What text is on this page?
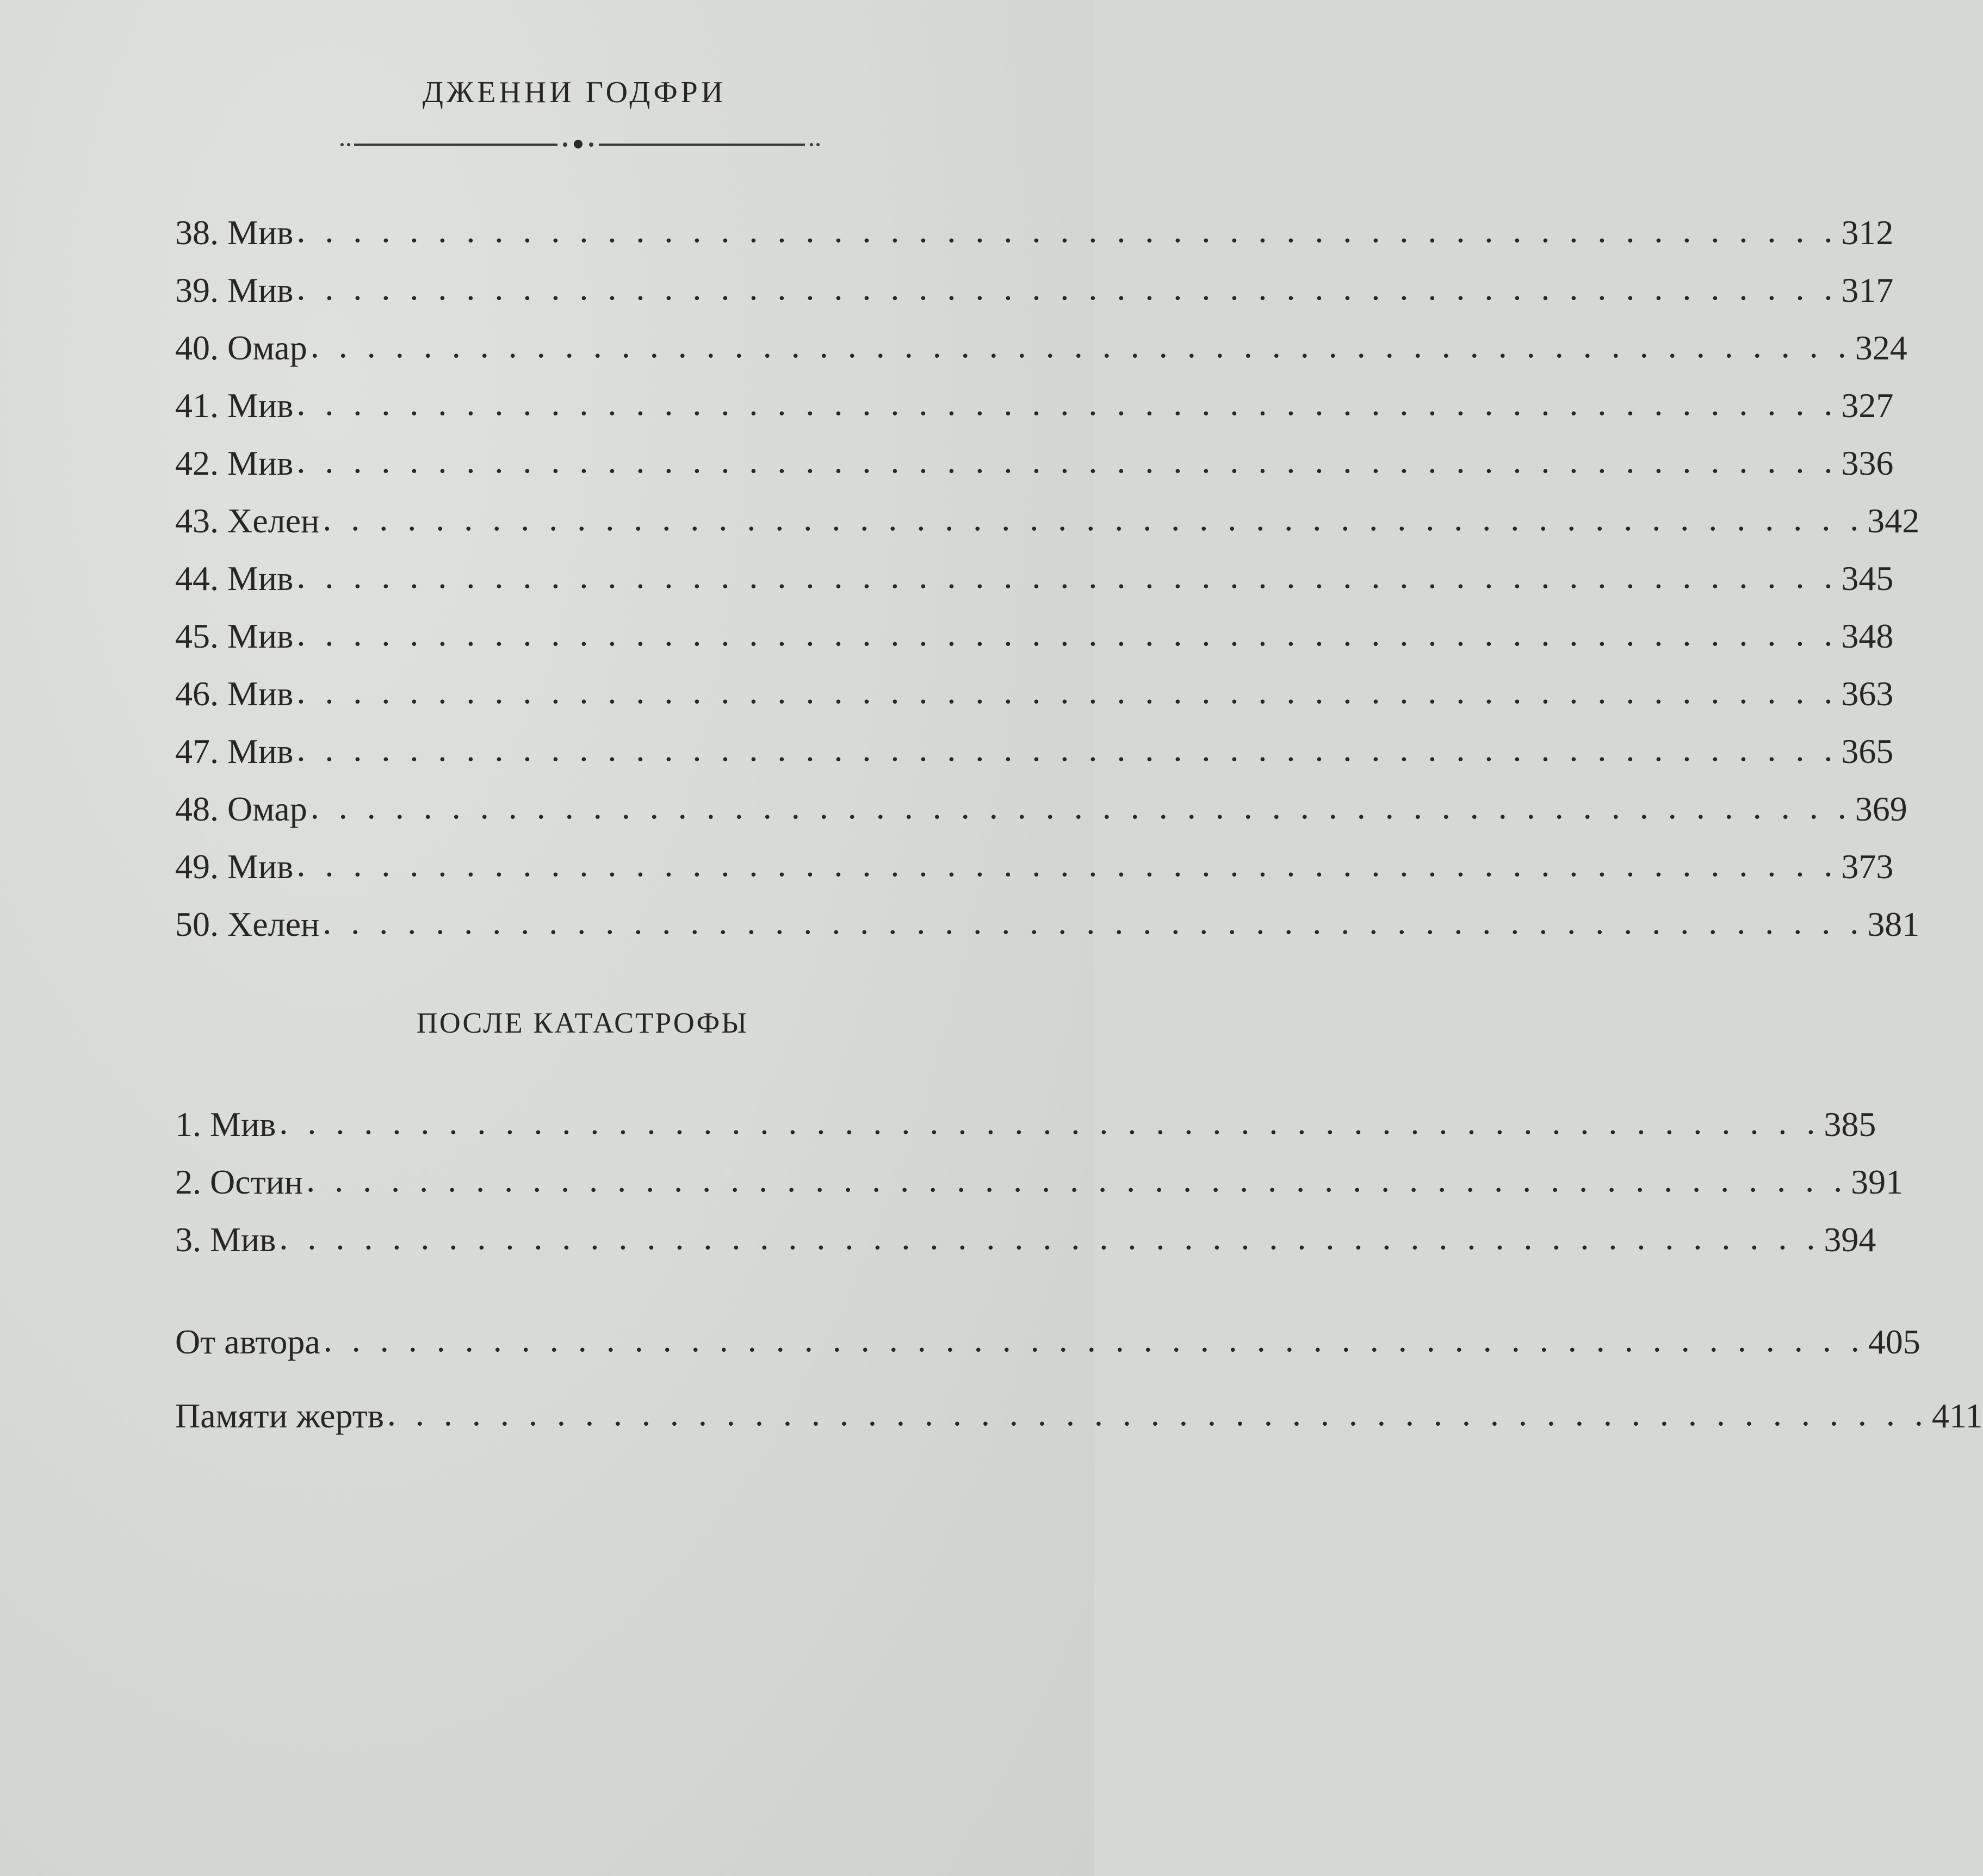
ДЖЕННИ ГОДФРИ
38. Мив . . . . . . . . . . . . . . . . . . . . . . . . . . . . . . . . . . . . . . . . . . . . . . . . . . . . . . . 312
39. Мив . . . . . . . . . . . . . . . . . . . . . . . . . . . . . . . . . . . . . . . . . . . . . . . . . . . . . . . 317
40. Омар . . . . . . . . . . . . . . . . . . . . . . . . . . . . . . . . . . . . . . . . . . . . . . . . . . . . . . . 324
41. Мив . . . . . . . . . . . . . . . . . . . . . . . . . . . . . . . . . . . . . . . . . . . . . . . . . . . . . . . 327
42. Мив . . . . . . . . . . . . . . . . . . . . . . . . . . . . . . . . . . . . . . . . . . . . . . . . . . . . . . . 336
43. Хелен . . . . . . . . . . . . . . . . . . . . . . . . . . . . . . . . . . . . . . . . . . . . . . . . . . . . . . . 342
44. Мив . . . . . . . . . . . . . . . . . . . . . . . . . . . . . . . . . . . . . . . . . . . . . . . . . . . . . . . 345
45. Мив . . . . . . . . . . . . . . . . . . . . . . . . . . . . . . . . . . . . . . . . . . . . . . . . . . . . . . . 348
46. Мив . . . . . . . . . . . . . . . . . . . . . . . . . . . . . . . . . . . . . . . . . . . . . . . . . . . . . . . 363
47. Мив . . . . . . . . . . . . . . . . . . . . . . . . . . . . . . . . . . . . . . . . . . . . . . . . . . . . . . . 365
48. Омар . . . . . . . . . . . . . . . . . . . . . . . . . . . . . . . . . . . . . . . . . . . . . . . . . . . . . . . 369
49. Мив . . . . . . . . . . . . . . . . . . . . . . . . . . . . . . . . . . . . . . . . . . . . . . . . . . . . . . . 373
50. Хелен . . . . . . . . . . . . . . . . . . . . . . . . . . . . . . . . . . . . . . . . . . . . . . . . . . . . . . . 381
ПОСЛЕ КАТАСТРОФЫ
1. Мив . . . . . . . . . . . . . . . . . . . . . . . . . . . . . . . . . . . . . . . . . . . . . . . . . . . . . . . 385
2. Остин . . . . . . . . . . . . . . . . . . . . . . . . . . . . . . . . . . . . . . . . . . . . . . . . . . . . . . . 391
3. Мив . . . . . . . . . . . . . . . . . . . . . . . . . . . . . . . . . . . . . . . . . . . . . . . . . . . . . . . 394
От автора . . . . . . . . . . . . . . . . . . . . . . . . . . . . . . . . . . . . . . . . . . . . . . . . . . . . . . . 405
Памяти жертв . . . . . . . . . . . . . . . . . . . . . . . . . . . . . . . . . . . . . . . . . . . . . . . . . . . . . . . 411
